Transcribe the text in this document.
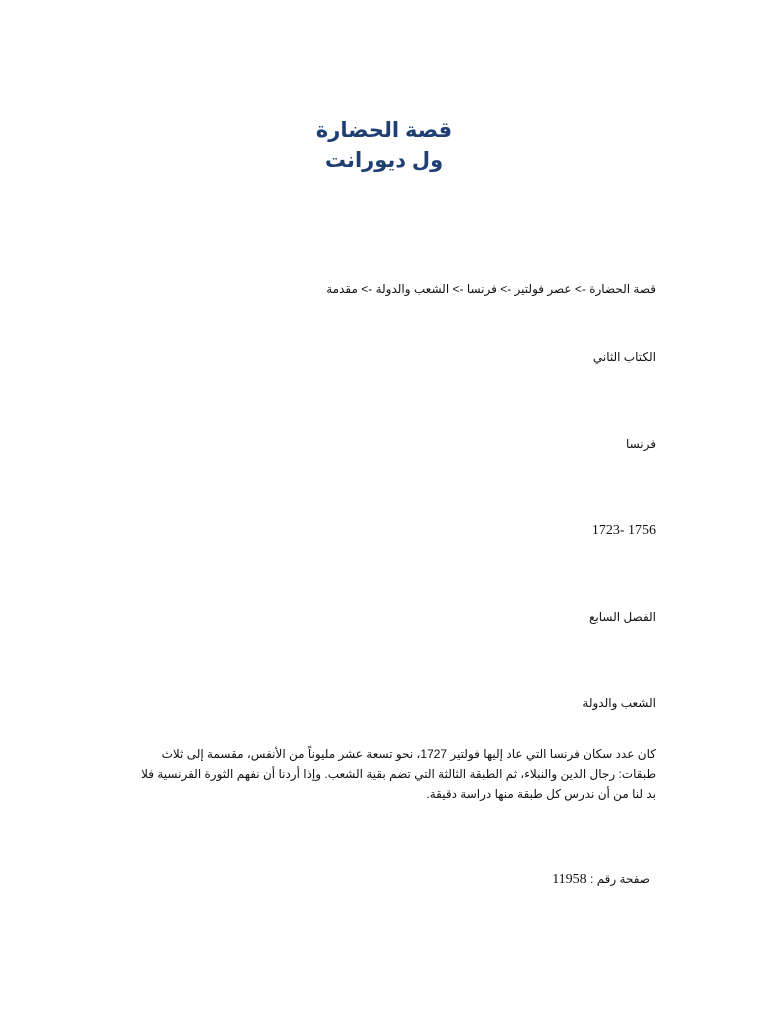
قصة الحضارة
ول ديورانت
قصة الحضارة -> عصر فولتير -> فرنسا -> الشعب والدولة -> مقدمة
الكتاب الثاني
فرنسا
1723- 1756
الفصل السابع
الشعب والدولة
كان عدد سكان فرنسا التي عاد إليها فولتير 1727، نحو تسعة عشر مليوناً من الأنفس، مقسمة إلى ثلاث طبقات: رجال الدين والنبلاء، ثم الطبقة الثالثة التي تضم بقية الشعب. وإذا أردنا أن نفهم الثورة الفرنسية فلا بد لنا من أن ندرس كل طبقة منها دراسة دقيقة.
صفحة رقم : 11958
